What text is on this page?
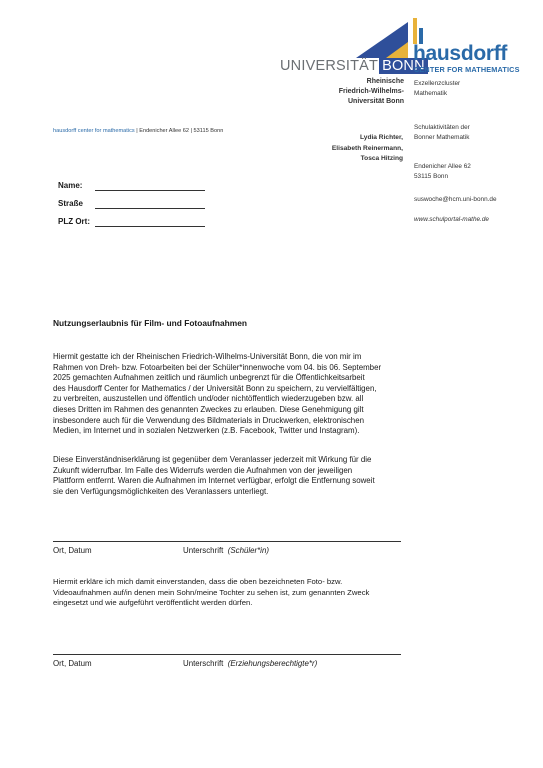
UNIVERSITÄT BONN
Rheinische
Friedrich-Wilhelms-
Universität Bonn
hausdorff
CENTER FOR MATHEMATICS
Exzellenzcluster
Mathematik
Schulaktivitäten der
Bonner Mathematik
Endenicher Allee 62
53115 Bonn
suswoche@hcm.uni-bonn.de
www.schulportal-mathe.de
hausdorff center for mathematics | Endenicher Allee 62 | 53115 Bonn
Lydia Richter,
Elisabeth Reinermann,
Tosca Hitzing
Name:
Straße
PLZ Ort:
Nutzungserlaubnis für Film- und Fotoaufnahmen
Hiermit gestatte ich der Rheinischen Friedrich-Wilhelms-Universität Bonn, die von mir im
Rahmen von Dreh- bzw. Fotoarbeiten bei der Schüler*innenwoche vom 04. bis 06. September
2025 gemachten Aufnahmen zeitlich und räumlich unbegrenzt für die Öffentlichkeitsarbeit
des Hausdorff Center for Mathematics / der Universität Bonn zu speichern, zu vervielfältigen,
zu verbreiten, auszustellen und öffentlich und/oder nichtöffentlich wiederzugeben bzw. all
dieses Dritten im Rahmen des genannten Zweckes zu erlauben. Diese Genehmigung gilt
insbesondere auch für die Verwendung des Bildmaterials in Druckwerken, elektronischen
Medien, im Internet und in sozialen Netzwerken (z.B. Facebook, Twitter und Instagram).
Diese Einverständniserklärung ist gegenüber dem Veranlasser jederzeit mit Wirkung für die
Zukunft widerrufbar. Im Falle des Widerrufs werden die Aufnahmen von der jeweiligen
Plattform entfernt. Waren die Aufnahmen im Internet verfügbar, erfolgt die Entfernung soweit
sie den Verfügungsmöglichkeiten des Veranlassers unterliegt.
Ort, Datum	Unterschrift (Schüler*in)
Hiermit erkläre ich mich damit einverstanden, dass die oben bezeichneten Foto- bzw.
Videoaufnahmen auf/in denen mein Sohn/meine Tochter zu sehen ist, zum genannten Zweck
eingesetzt und wie aufgeführt veröffentlicht werden dürfen.
Ort, Datum	Unterschrift (Erziehungsberechtigte*r)
